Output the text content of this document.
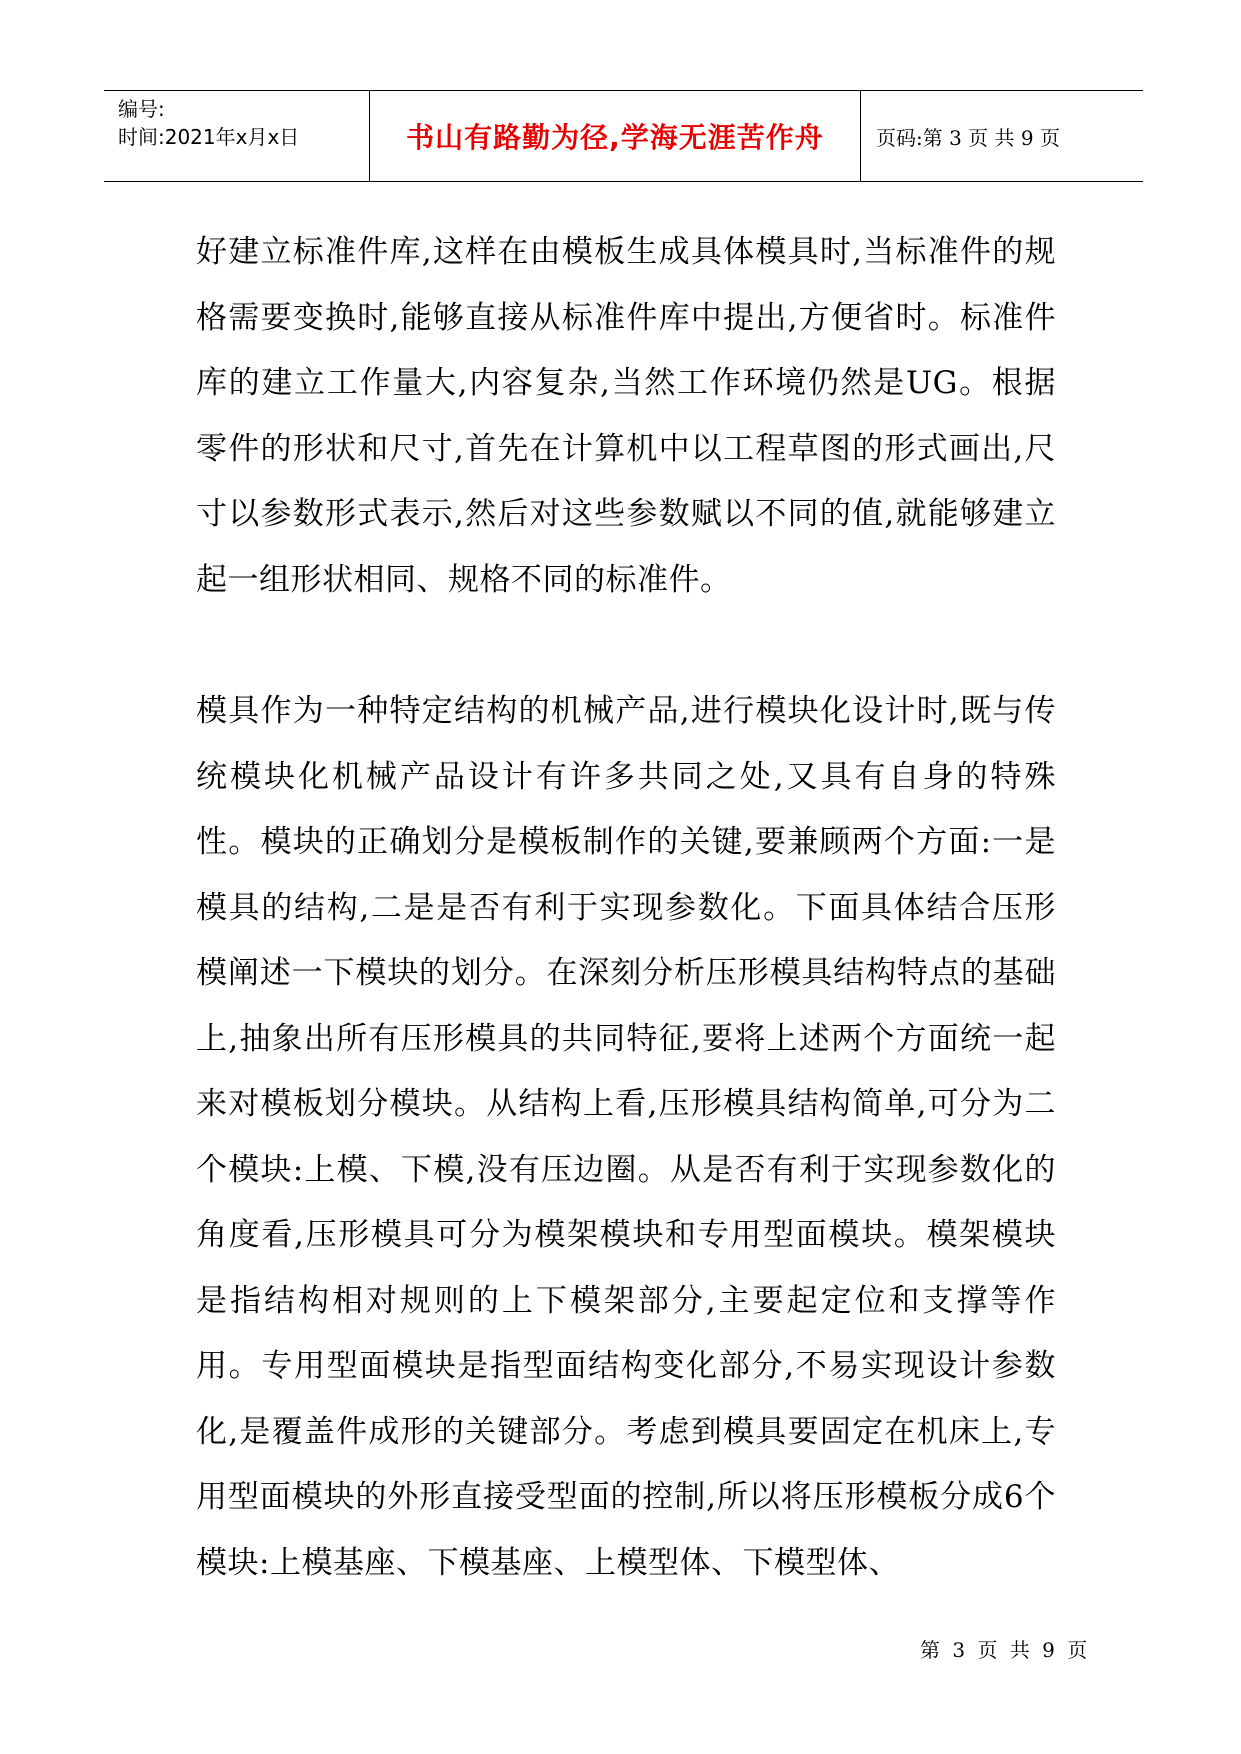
编号:
时间:2021年x月x日	书山有路勤为径,学海无涯苦作舟	页码:第 3 页 共 9 页

好建立标准件库,这样在由模板生成具体模具时,当标准件的规格需要变换时,能够直接从标准件库中提出,方便省时。标准件库的建立工作量大,内容复杂,当然工作环境仍然是UG。根据零件的形状和尺寸,首先在计算机中以工程草图的形式画出,尺寸以参数形式表示,然后对这些参数赋以不同的值,就能够建立起一组形状相同、规格不同的标准件。

模具作为一种特定结构的机械产品,进行模块化设计时,既与传统模块化机械产品设计有许多共同之处,又具有自身的特殊性。模块的正确划分是模板制作的关键,要兼顾两个方面:一是模具的结构,二是是否有利于实现参数化。下面具体结合压形模阐述一下模块的划分。在深刻分析压形模具结构特点的基础上,抽象出所有压形模具的共同特征,要将上述两个方面统一起来对模板划分模块。从结构上看,压形模具结构简单,可分为二个模块:上模、下模,没有压边圈。从是否有利于实现参数化的角度看,压形模具可分为模架模块和专用型面模块。模架模块是指结构相对规则的上下模架部分,主要起定位和支撑等作用。专用型面模块是指型面结构变化部分,不易实现设计参数化,是覆盖件成形的关键部分。考虑到模具要固定在机床上,专用型面模块的外形直接受型面的控制,所以将压形模板分成6个模块:上模基座、下模基座、上模型体、下模型体、

第 3 页 共 9 页
